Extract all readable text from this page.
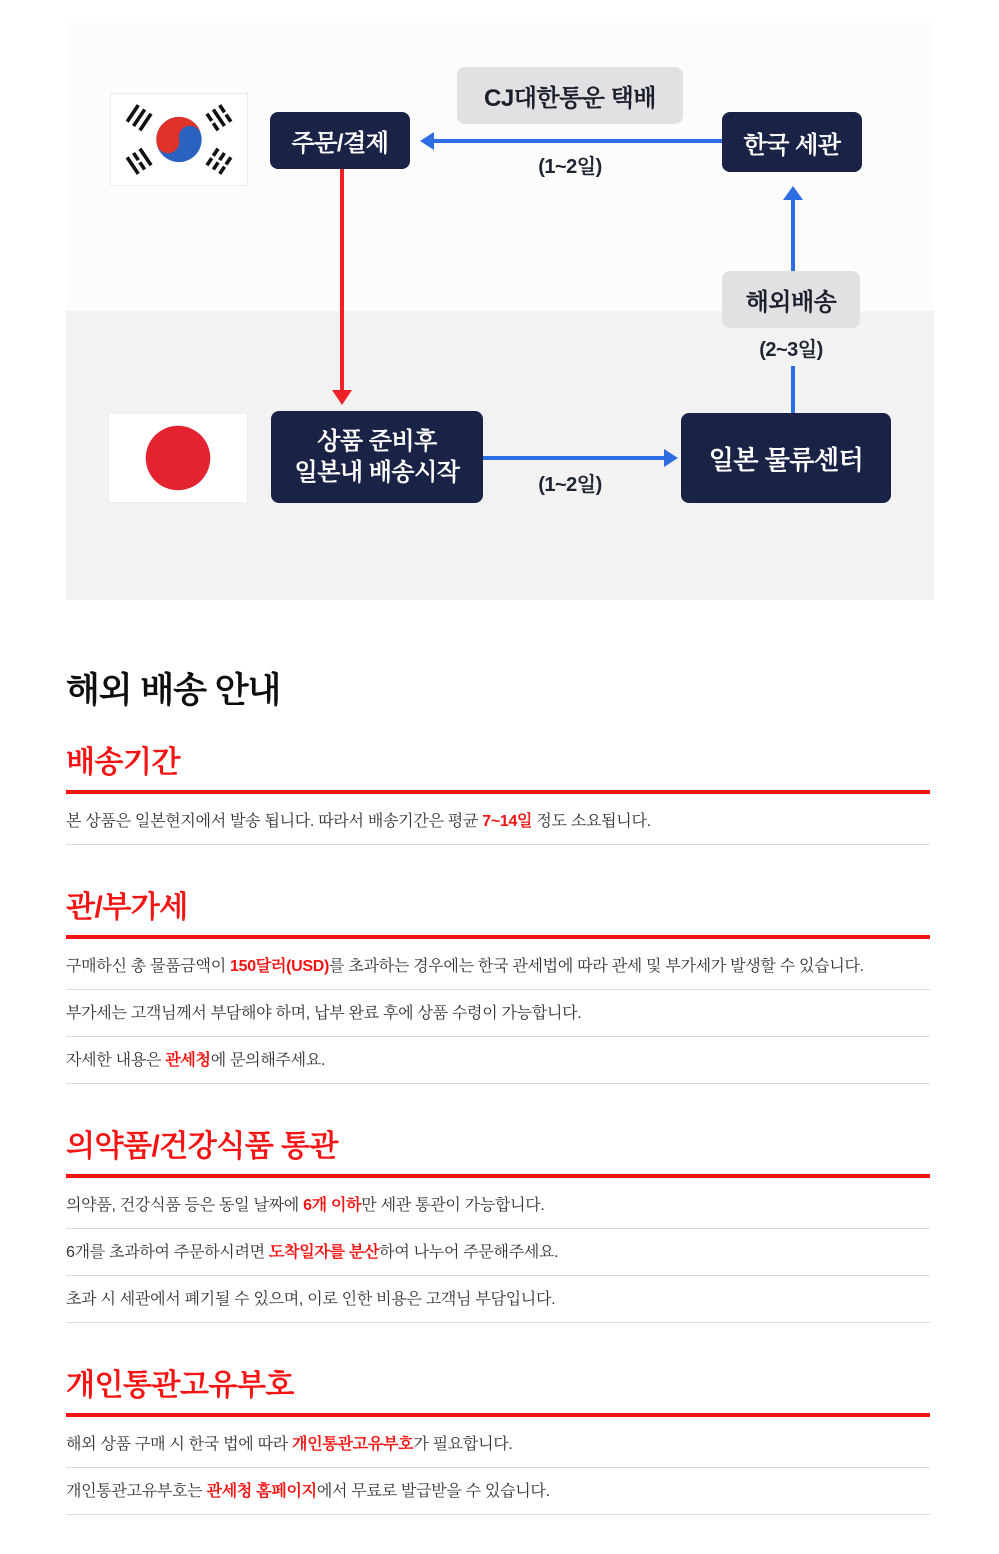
주문/결제
CJ대한통운 택배
한국 세관
해외배송
상품 준비후
일본내 배송시작	일본 물류센터
(1~2일)
(2~3일)
(1~2일)
해외 배송 안내
배송기간

본 상품은 일본현지에서 발송 됩니다. 따라서 배송기간은 평균 7~14일 정도 소요됩니다.

관/부가세

구매하신 총 물품금액이 150달러(USD)를 초과하는 경우에는 한국 관세법에 따라 관세 및 부가세가 발생할 수 있습니다.

부가세는 고객님께서 부담해야 하며, 납부 완료 후에 상품 수령이 가능합니다.

자세한 내용은 관세청에 문의해주세요.

의약품/건강식품 통관

의약품, 건강식품 등은 동일 날짜에 6개 이하만 세관 통관이 가능합니다.

6개를 초과하여 주문하시려면 도착일자를 분산하여 나누어 주문해주세요.

초과 시 세관에서 폐기될 수 있으며, 이로 인한 비용은 고객님 부담입니다.

개인통관고유부호

해외 상품 구매 시 한국 법에 따라 개인통관고유부호가 필요합니다.

개인통관고유부호는 관세청 홈페이지에서 무료로 발급받을 수 있습니다.
